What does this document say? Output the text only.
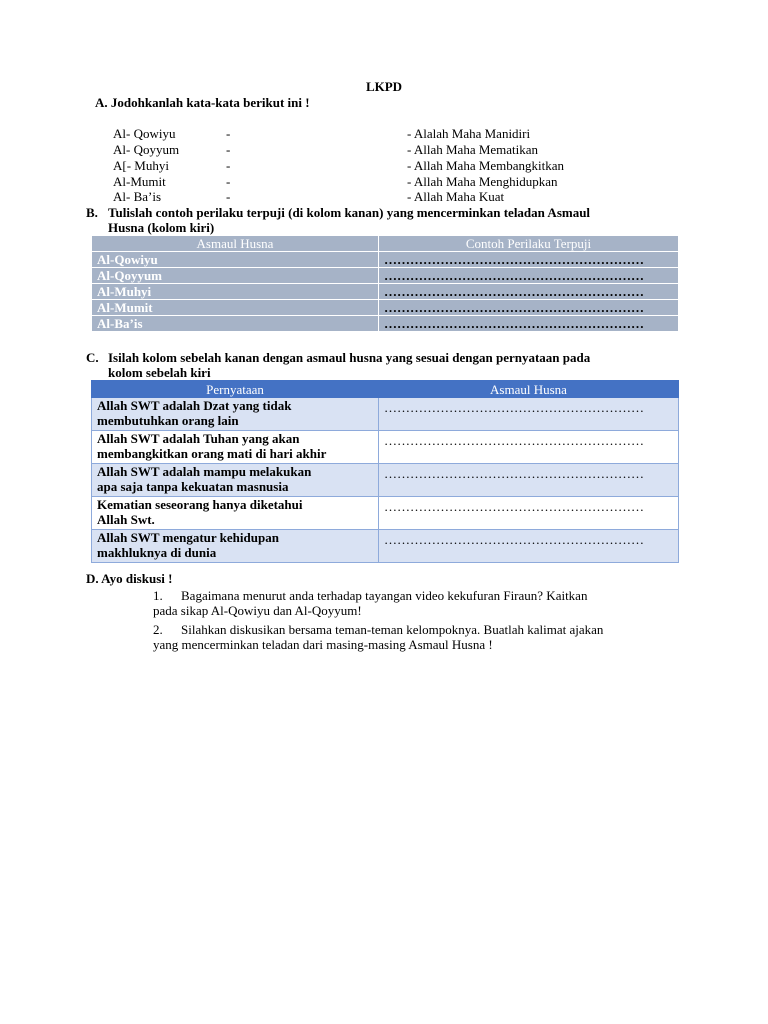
LKPD
A. Jodohkanlah kata-kata berikut ini !
Al- Qowiyu	-	- Alalah Maha Manidiri
Al- Qoyyum	-	- Allah Maha Mematikan
A[- Muhyi	-	- Allah Maha Membangkitkan
Al-Mumit	-	- Allah Maha Menghidupkan
Al- Ba’is	-	- Allah Maha Kuat
B. Tulislah contoh perilaku terpuji (di kolom kanan) yang mencerminkan teladan Asmaul
Husna (kolom kiri)
Asmaul Husna	Contoh Perilaku Terpuji
Al-Qowiyu	……………………………………………………
Al-Qoyyum	……………………………………………………
Al-Muhyi	……………………………………………………
Al-Mumit	……………………………………………………
Al-Ba’is	……………………………………………………
C. Isilah kolom sebelah kanan dengan asmaul husna yang sesuai dengan pernyataan pada
kolom sebelah kiri
Pernyataan	Asmaul Husna

Allah SWT adalah Dzat yang tidak
membutuhkan orang lain	……………………………………………………

Allah SWT adalah Tuhan yang akan
membangkitkan orang mati di hari akhir	……………………………………………………

Allah SWT adalah mampu melakukan
apa saja tanpa kekuatan masnusia	……………………………………………………

Kematian seseorang hanya diketahui
Allah Swt.	……………………………………………………

Allah SWT mengatur kehidupan
makhluknya di dunia	……………………………………………………
D. Ayo diskusi !
1. Bagaimana menurut anda terhadap tayangan video kekufuran Firaun? Kaitkan
pada sikap Al-Qowiyu dan Al-Qoyyum!
2. Silahkan diskusikan bersama teman-teman kelompoknya. Buatlah kalimat ajakan
yang mencerminkan teladan dari masing-masing Asmaul Husna !
